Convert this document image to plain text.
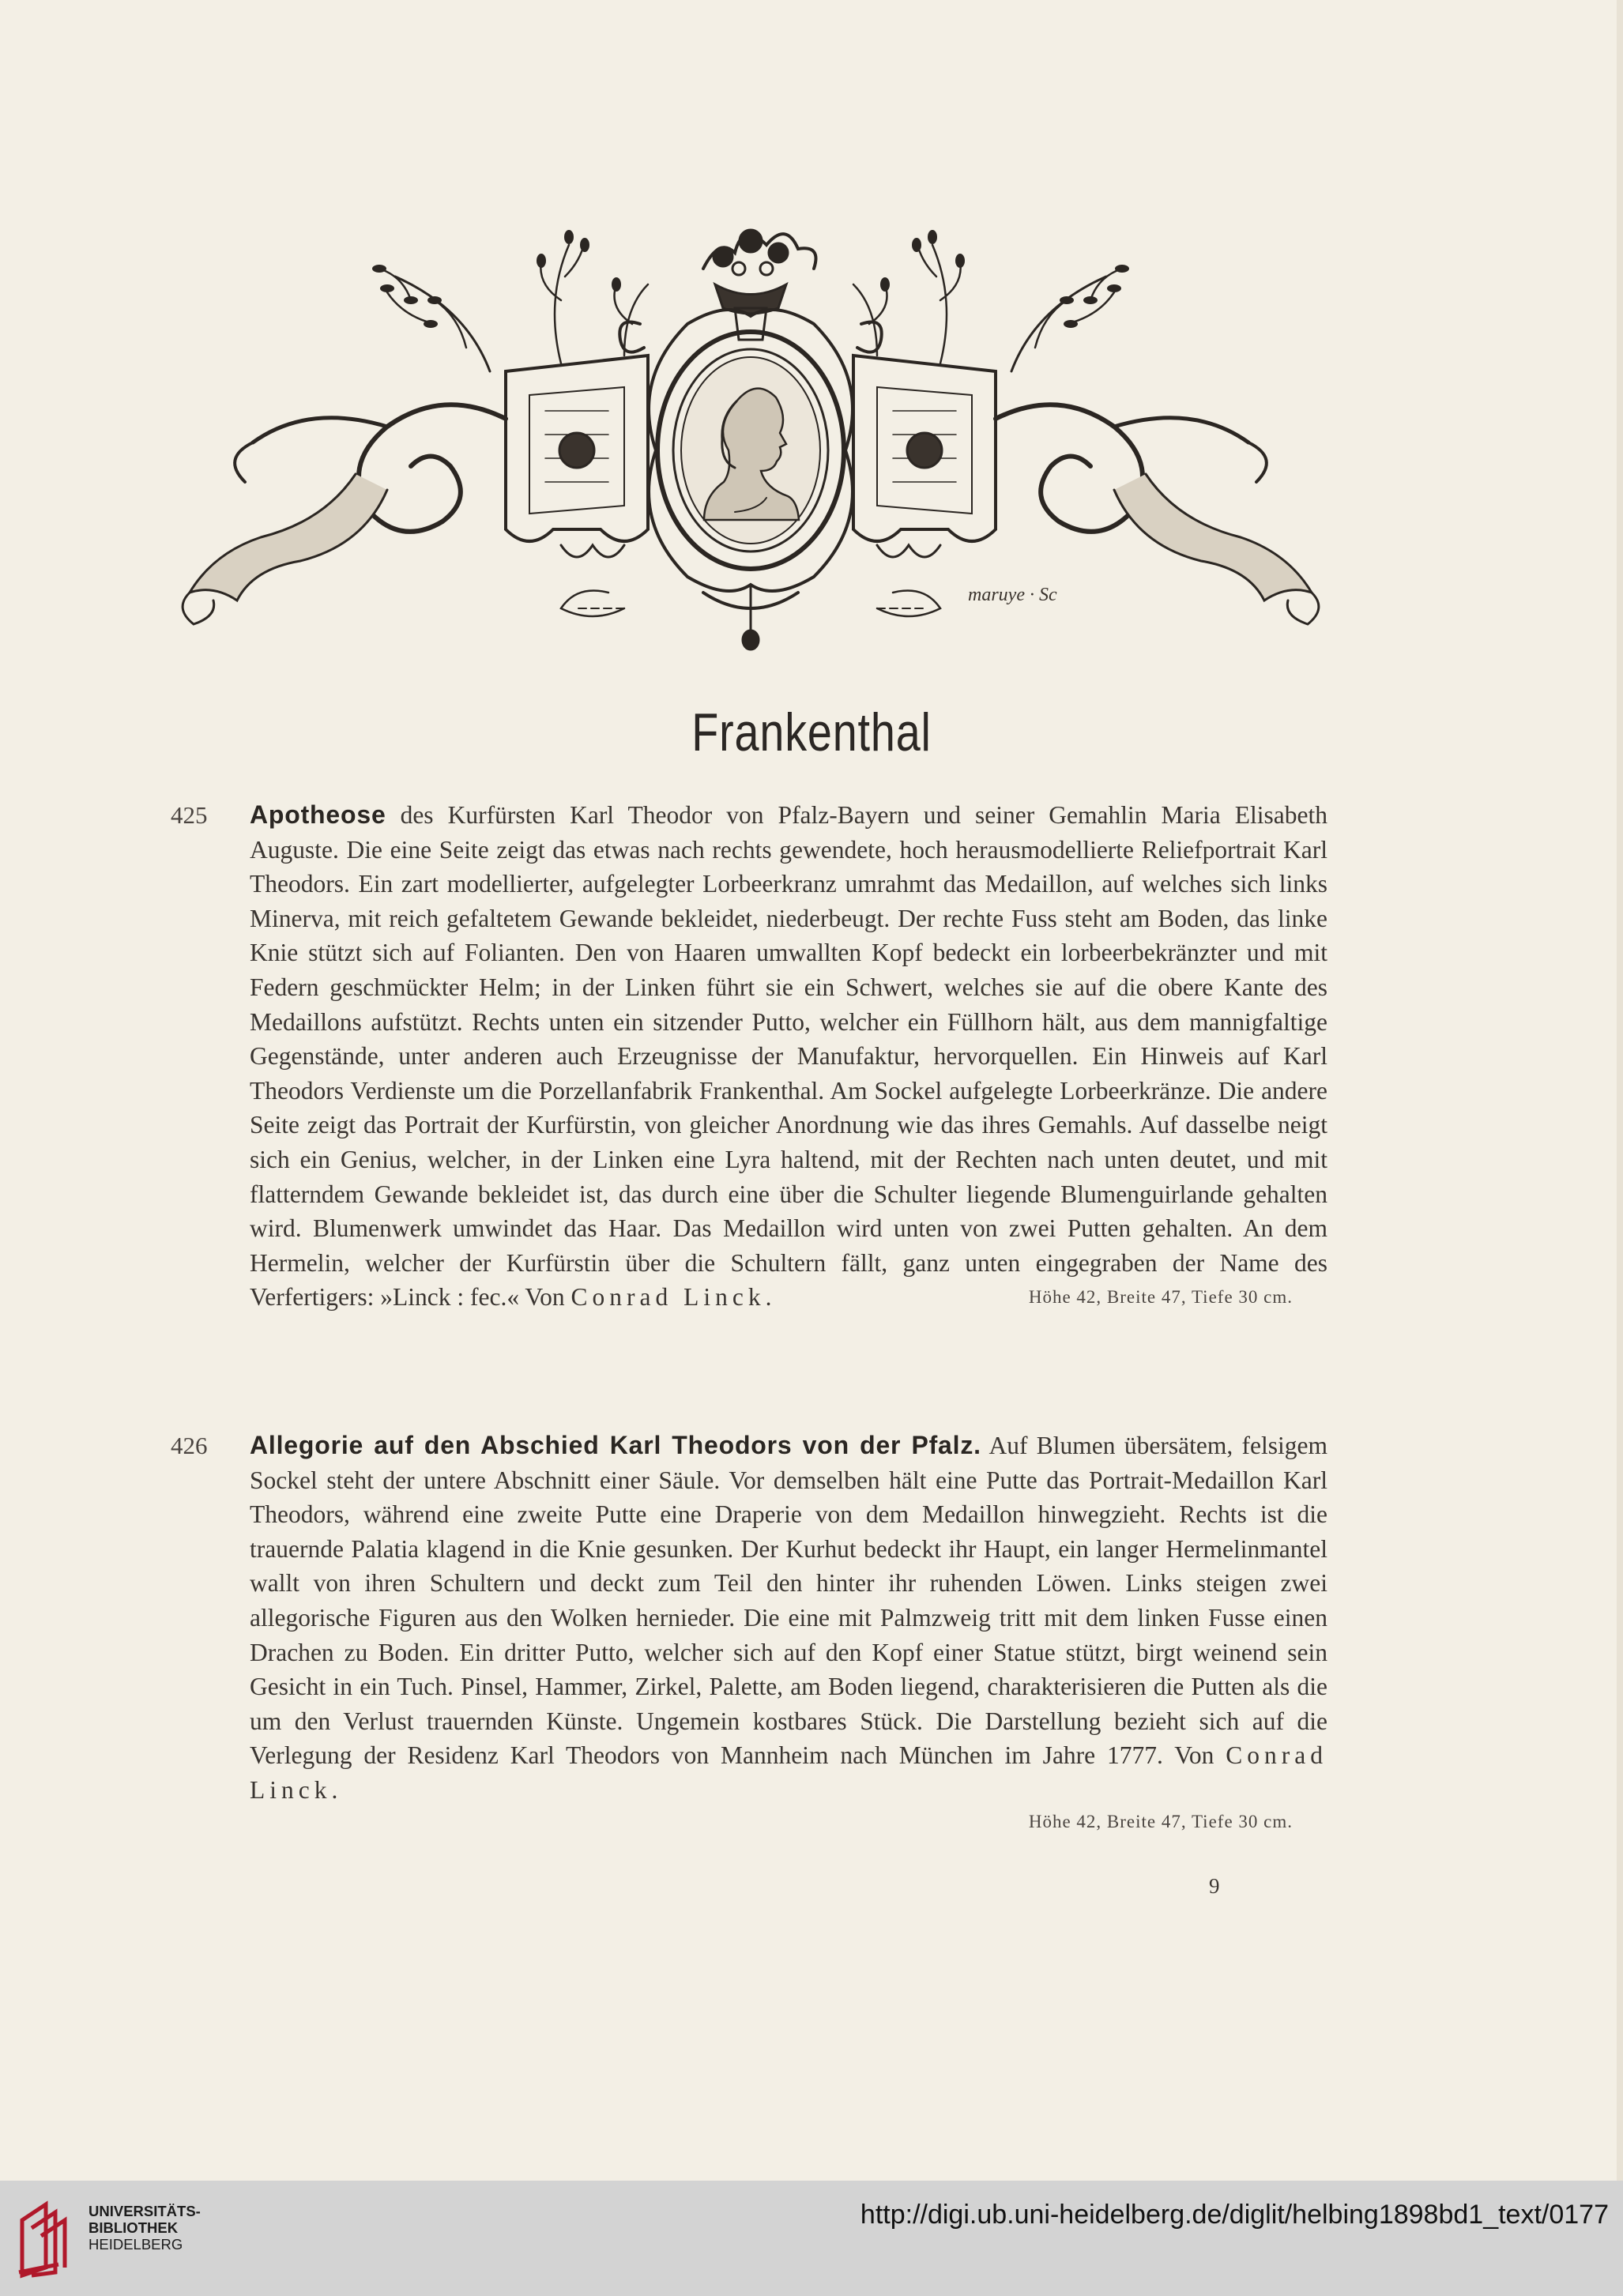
maruye · Sc
Frankenthal
425 Apotheose des Kurfürsten Karl Theodor von Pfalz-Bayern und seiner Gemahlin Maria Elisabeth Auguste. Die eine Seite zeigt das etwas nach rechts gewendete, hoch herausmodellierte Reliefportrait Karl Theodors. Ein zart modellierter, aufgelegter Lorbeerkranz umrahmt das Medaillon, auf welches sich links Minerva, mit reich gefaltetem Gewande bekleidet, niederbeugt. Der rechte Fuss steht am Boden, das linke Knie stützt sich auf Folianten. Den von Haaren umwallten Kopf bedeckt ein lorbeerbekränzter und mit Federn geschmückter Helm; in der Linken führt sie ein Schwert, welches sie auf die obere Kante des Medaillons aufstützt. Rechts unten ein sitzender Putto, welcher ein Füllhorn hält, aus dem mannigfaltige Gegenstände, unter anderen auch Erzeugnisse der Manufaktur, hervorquellen. Ein Hinweis auf Karl Theodors Verdienste um die Porzellanfabrik Frankenthal. Am Sockel aufgelegte Lorbeerkränze. Die andere Seite zeigt das Portrait der Kurfürstin, von gleicher Anordnung wie das ihres Gemahls. Auf dasselbe neigt sich ein Genius, welcher, in der Linken eine Lyra haltend, mit der Rechten nach unten deutet, und mit flatterndem Gewande bekleidet ist, das durch eine über die Schulter liegende Blumenguirlande gehalten wird. Blumenwerk umwindet das Haar. Das Medaillon wird unten von zwei Putten gehalten. An dem Hermelin, welcher der Kurfürstin über die Schultern fällt, ganz unten eingegraben der Name des Verfertigers: »Linck : fec.« Von Conrad Linck.	Höhe 42, Breite 47, Tiefe 30 cm.
426 Allegorie auf den Abschied Karl Theodors von der Pfalz. Auf Blumen übersätem, felsigem Sockel steht der untere Abschnitt einer Säule. Vor demselben hält eine Putte das Portrait-Medaillon Karl Theodors, während eine zweite Putte eine Draperie von dem Medaillon hinwegzieht. Rechts ist die trauernde Palatia klagend in die Knie gesunken. Der Kurhut bedeckt ihr Haupt, ein langer Hermelinmantel wallt von ihren Schultern und deckt zum Teil den hinter ihr ruhenden Löwen. Links steigen zwei allegorische Figuren aus den Wolken hernieder. Die eine mit Palmzweig tritt mit dem linken Fusse einen Drachen zu Boden. Ein dritter Putto, welcher sich auf den Kopf einer Statue stützt, birgt weinend sein Gesicht in ein Tuch. Pinsel, Hammer, Zirkel, Palette, am Boden liegend, charakterisieren die Putten als die um den Verlust trauernden Künste. Ungemein kostbares Stück. Die Darstellung bezieht sich auf die Verlegung der Residenz Karl Theodors von Mannheim nach München im Jahre 1777. Von Conrad Linck.
Höhe 42, Breite 47, Tiefe 30 cm.
9
UNIVERSITÄTS-
BIBLIOTHEK
HEIDELBERG
http://digi.ub.uni-heidelberg.de/diglit/helbing1898bd1_text/0177
